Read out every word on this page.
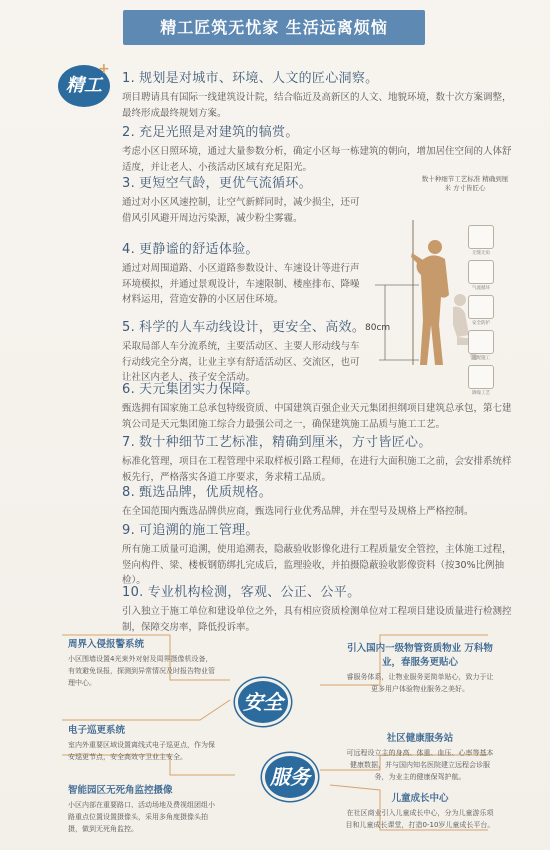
精工匠筑无忧家 生活远离烦恼
精工
+
1. 规划是对城市、环境、人文的匠心洞察。
项目聘请具有国际一线建筑设计院，结合临近及高新区的人文、地貌环境，数十次方案调整，最终形成最终规划方案。
2. 充足光照是对建筑的犒赏。
考虑小区日照环境，通过大量参数分析，确定小区每一栋建筑的朝向，增加居住空间的人体舒适度，并让老人、小孩活动区域有充足阳光。
3. 更短空气龄，更优气流循环。
通过对小区风速控制，让空气新鲜同时，减少损尘，还可借风引风避开周边污染源，减少粉尘雾霾。
4. 更静谧的舒适体验。
通过对周围道路、小区道路参数设计、车速设计等进行声环境模拟，并通过景观设计，车速限制、楼座排布、降噪材料运用，营造安静的小区居住环境。
5. 科学的人车动线设计，更安全、高效。
采取局部人车分流系统，主要活动区、主要人形动线与车行动线完全分离，让业主享有舒适活动区、交流区，也可让社区内老人、孩子安全活动。
6. 天元集团实力保障。
甄选拥有国家施工总承包特级资质、中国建筑百强企业天元集团担纲项目建筑总承包，第七建筑公司是天元集团施工综合力最强公司之一，确保建筑施工品质与施工工艺。
7. 数十种细节工艺标准，精确到厘米，方寸皆匠心。
标准化管理，项目在工程管理中采取样板引路工程师，在进行大面积施工之前，会安排系统样板先行，严格落实各道工序要求，务求精工品质。
8. 甄选品牌，优质规格。
在全国范围内甄选品牌供应商，甄选同行业优秀品牌，并在型号及规格上严格控制。
9. 可追溯的施工管理。
所有施工质量可追溯，使用追溯表，隐蔽验收影像化进行工程质量安全管控，主体施工过程，竖向构件、梁、楼板钢筋绑扎完成后，监理验收，并拍摄隐蔽验收影像资料（按30%比例抽检）。
10. 专业机构检测，客观、公正、公平。
引入独立于施工单位和建设单位之外，具有相应资质检测单位对工程项目建设质量进行检测控制，保障交房率，降低投诉率。
数十种细节工艺标准 精确到厘米 方寸皆匠心
80cm
无缝无角
气流循环
安全防护
适配施工
降噪工艺
周界入侵报警系统
小区围墙设置4光束外对射及周界摄像机设备，有效避免误报，探测到异常情况及时报告物业管理中心。
电子巡更系统
室内外重要区域设置离线式电子巡更点，作为保安巡更节点，安全高效守卫业主安全。
智能园区无死角监控摄像
小区内部在重要路口、活动场地及费视组团组小路重点位置设置摄像头，采用多角度摄像头拍摄，做到无死角监控。
安全
服务
引入国内一级物管资质物业 万科物业，春服务更贴心
睿服务体系，让物业服务更简单贴心，致力于让更多用户体验物业服务之美好。
社区健康服务站
可远程设立主的身高、体重、血压、心率等基本健康数据，并与国内知名医院建立远程会诊服务，为业主的健康保驾护航。
儿童成长中心
在社区商业引入儿童成长中心，分为儿童游乐项目和儿童成长课堂，打造0-10岁儿童成长平台。
